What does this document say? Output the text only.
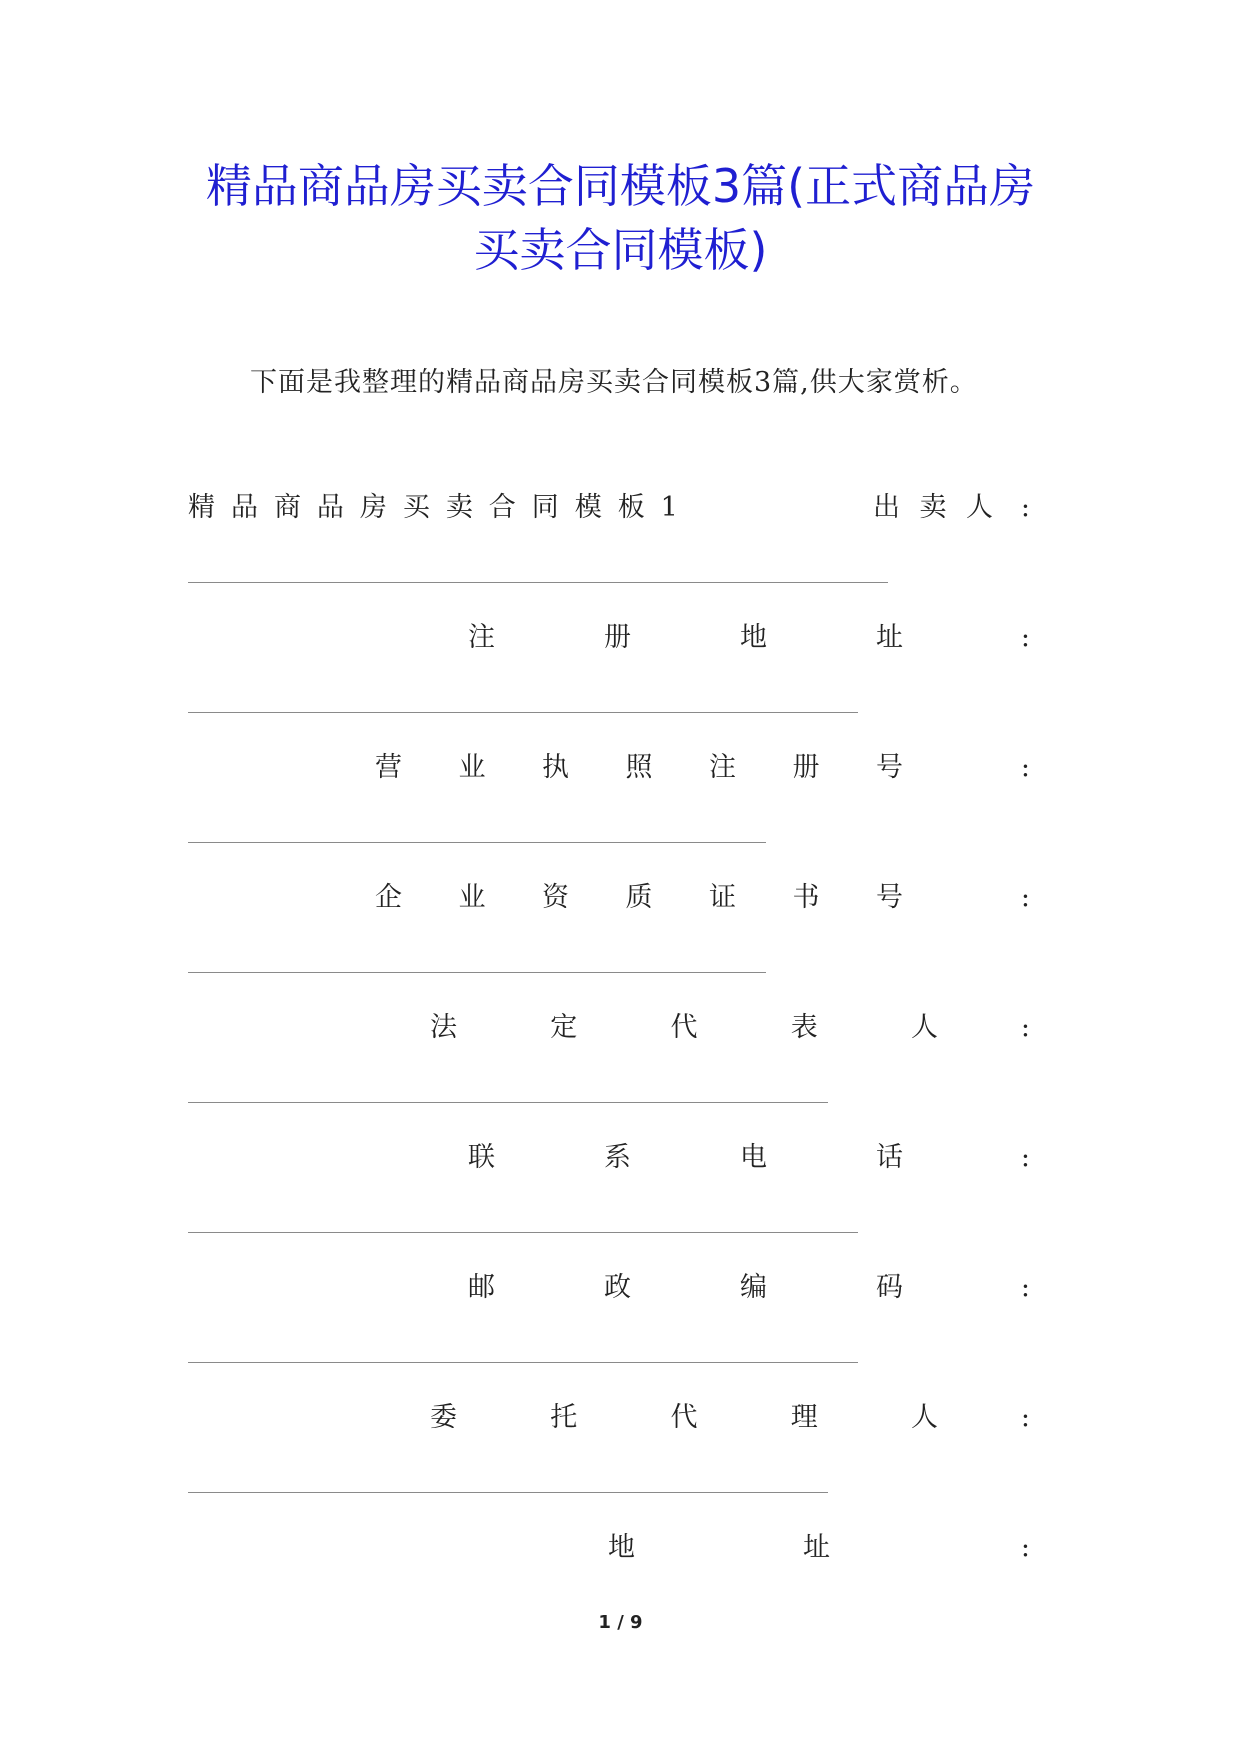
精品商品房买卖合同模板3篇(正式商品房
买卖合同模板)
下面是我整理的精品商品房买卖合同模板3篇,供大家赏析。
精 品 商 品 房 买 卖 合 同 模 板 1	出 卖 人 :
注	册	地	址	:
营 业 执 照 注 册 号	:
企 业 资 质 证 书 号	:
法	定	代	表	人	:
联	系	电	话	:
邮	政	编	码	:
委	托	代	理	人	:
地	址	:
1 / 9
